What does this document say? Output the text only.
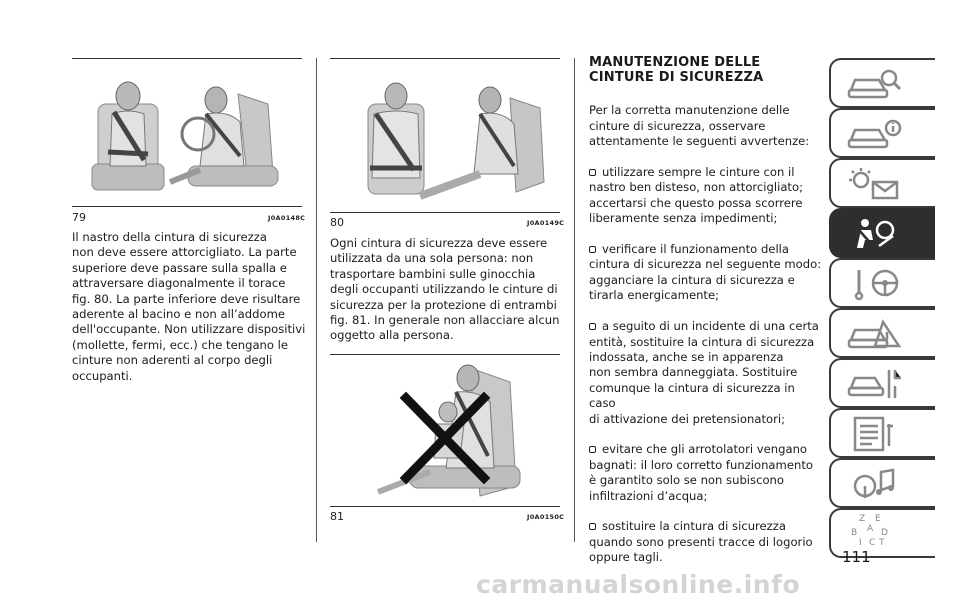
79	J0A0148C
Il nastro della cintura di sicurezza
non deve essere attorcigliato. La parte
superiore deve passare sulla spalla e
attraversare diagonalmente il torace
fig. 80. La parte inferiore deve risultare
aderente al bacino e non all’addome
dell'occupante. Non utilizzare dispositivi
(mollette, fermi, ecc.) che tengano le
cinture non aderenti al corpo degli
occupanti.
80	J0A0149C
Ogni cintura di sicurezza deve essere
utilizzata da una sola persona: non
trasportare bambini sulle ginocchia
degli occupanti utilizzando le cinture di
sicurezza per la protezione di entrambi
fig. 81. In generale non allacciare alcun
oggetto alla persona.
81	J0A0150C
MANUTENZIONE DELLE
CINTURE DI SICUREZZA

Per la corretta manutenzione delle
cinture di sicurezza, osservare
attentamente le seguenti avvertenze:

utilizzare sempre le cinture con il
nastro ben disteso, non attorcigliato;
accertarsi che questo possa scorrere
liberamente senza impedimenti;

verificare il funzionamento della
cintura di sicurezza nel seguente modo:
agganciare la cintura di sicurezza e
tirarla energicamente;

a seguito di un incidente di una certa
entità, sostituire la cintura di sicurezza
indossata, anche se in apparenza
non sembra danneggiata. Sostituire
comunque la cintura di sicurezza in caso
di attivazione dei pretensionatori;

evitare che gli arrotolatori vengano
bagnati: il loro corretto funzionamento
è garantito solo se non subiscono
infiltrazioni d’acqua;

sostituire la cintura di sicurezza
quando sono presenti tracce di logorio
oppure tagli.

Z E
A
B	D
I C T
111
carmanualsonline.info
